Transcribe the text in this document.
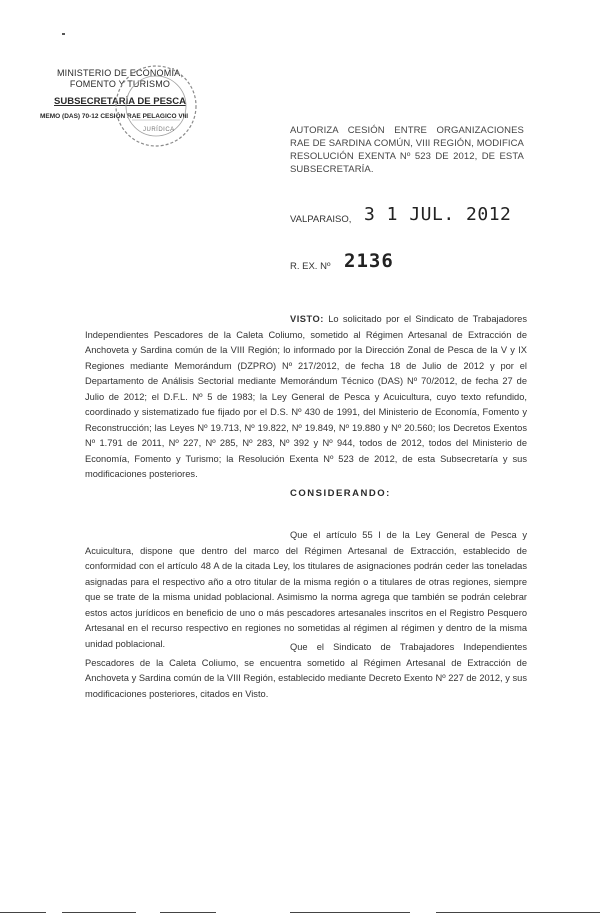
MINISTERIO DE ECONOMÍA,
FOMENTO Y TURISMO
SUBSECRETARÍA DE PESCA
MEMO (DAS) 70-12 CESIÓN RAE PELAGICO VIII
JURÍDICA	AUTORIZA CESIÓN ENTRE ORGANIZACIONES RAE DE SARDINA COMÚN, VIII REGIÓN, MODIFICA RESOLUCIÓN EXENTA Nº 523 DE 2012, DE ESTA SUBSECRETARÍA.
VALPARAISO, 3 1 JUL. 2012
R. EX. Nº 2136
VISTO: Lo solicitado por el Sindicato de Trabajadores Independientes Pescadores de la Caleta Coliumo, sometido al Régimen Artesanal de Extracción de Anchoveta y Sardina común de la VIII Región; lo informado por la Dirección Zonal de Pesca de la V y IX Regiones mediante Memorándum (DZPRO) Nº 217/2012, de fecha 18 de Julio de 2012 y por el Departamento de Análisis Sectorial mediante Memorándum Técnico (DAS) Nº 70/2012, de fecha 27 de Julio de 2012; el D.F.L. Nº 5 de 1983; la Ley General de Pesca y Acuicultura, cuyo texto refundido, coordinado y sistematizado fue fijado por el D.S. Nº 430 de 1991, del Ministerio de Economía, Fomento y Reconstrucción; las Leyes Nº 19.713, Nº 19.822, Nº 19.849, Nº 19.880 y Nº 20.560; los Decretos Exentos Nº 1.791 de 2011, Nº 227, Nº 285, Nº 283, Nº 392 y Nº 944, todos de 2012, todos del Ministerio de Economía, Fomento y Turismo; la Resolución Exenta Nº 523 de 2012, de esta Subsecretaría y sus modificaciones posteriores.
CONSIDERANDO:
Que el artículo 55 I de la Ley General de Pesca y Acuicultura, dispone que dentro del marco del Régimen Artesanal de Extracción, establecido de conformidad con el artículo 48 A de la citada Ley, los titulares de asignaciones podrán ceder las toneladas asignadas para el respectivo año a otro titular de la misma región o a titulares de otras regiones, siempre que se trate de la misma unidad poblacional. Asimismo la norma agrega que también se podrán celebrar estos actos jurídicos en beneficio de uno o más pescadores artesanales inscritos en el Registro Pesquero Artesanal en el recurso respectivo en regiones no sometidas al régimen al régimen y dentro de la misma unidad poblacional.	Que el Sindicato de Trabajadores Independientes Pescadores de la Caleta Coliumo, se encuentra sometido al Régimen Artesanal de Extracción de Anchoveta y Sardina común de la VIII Región, establecido mediante Decreto Exento Nº 227 de 2012, y sus modificaciones posteriores, citados en Visto.
